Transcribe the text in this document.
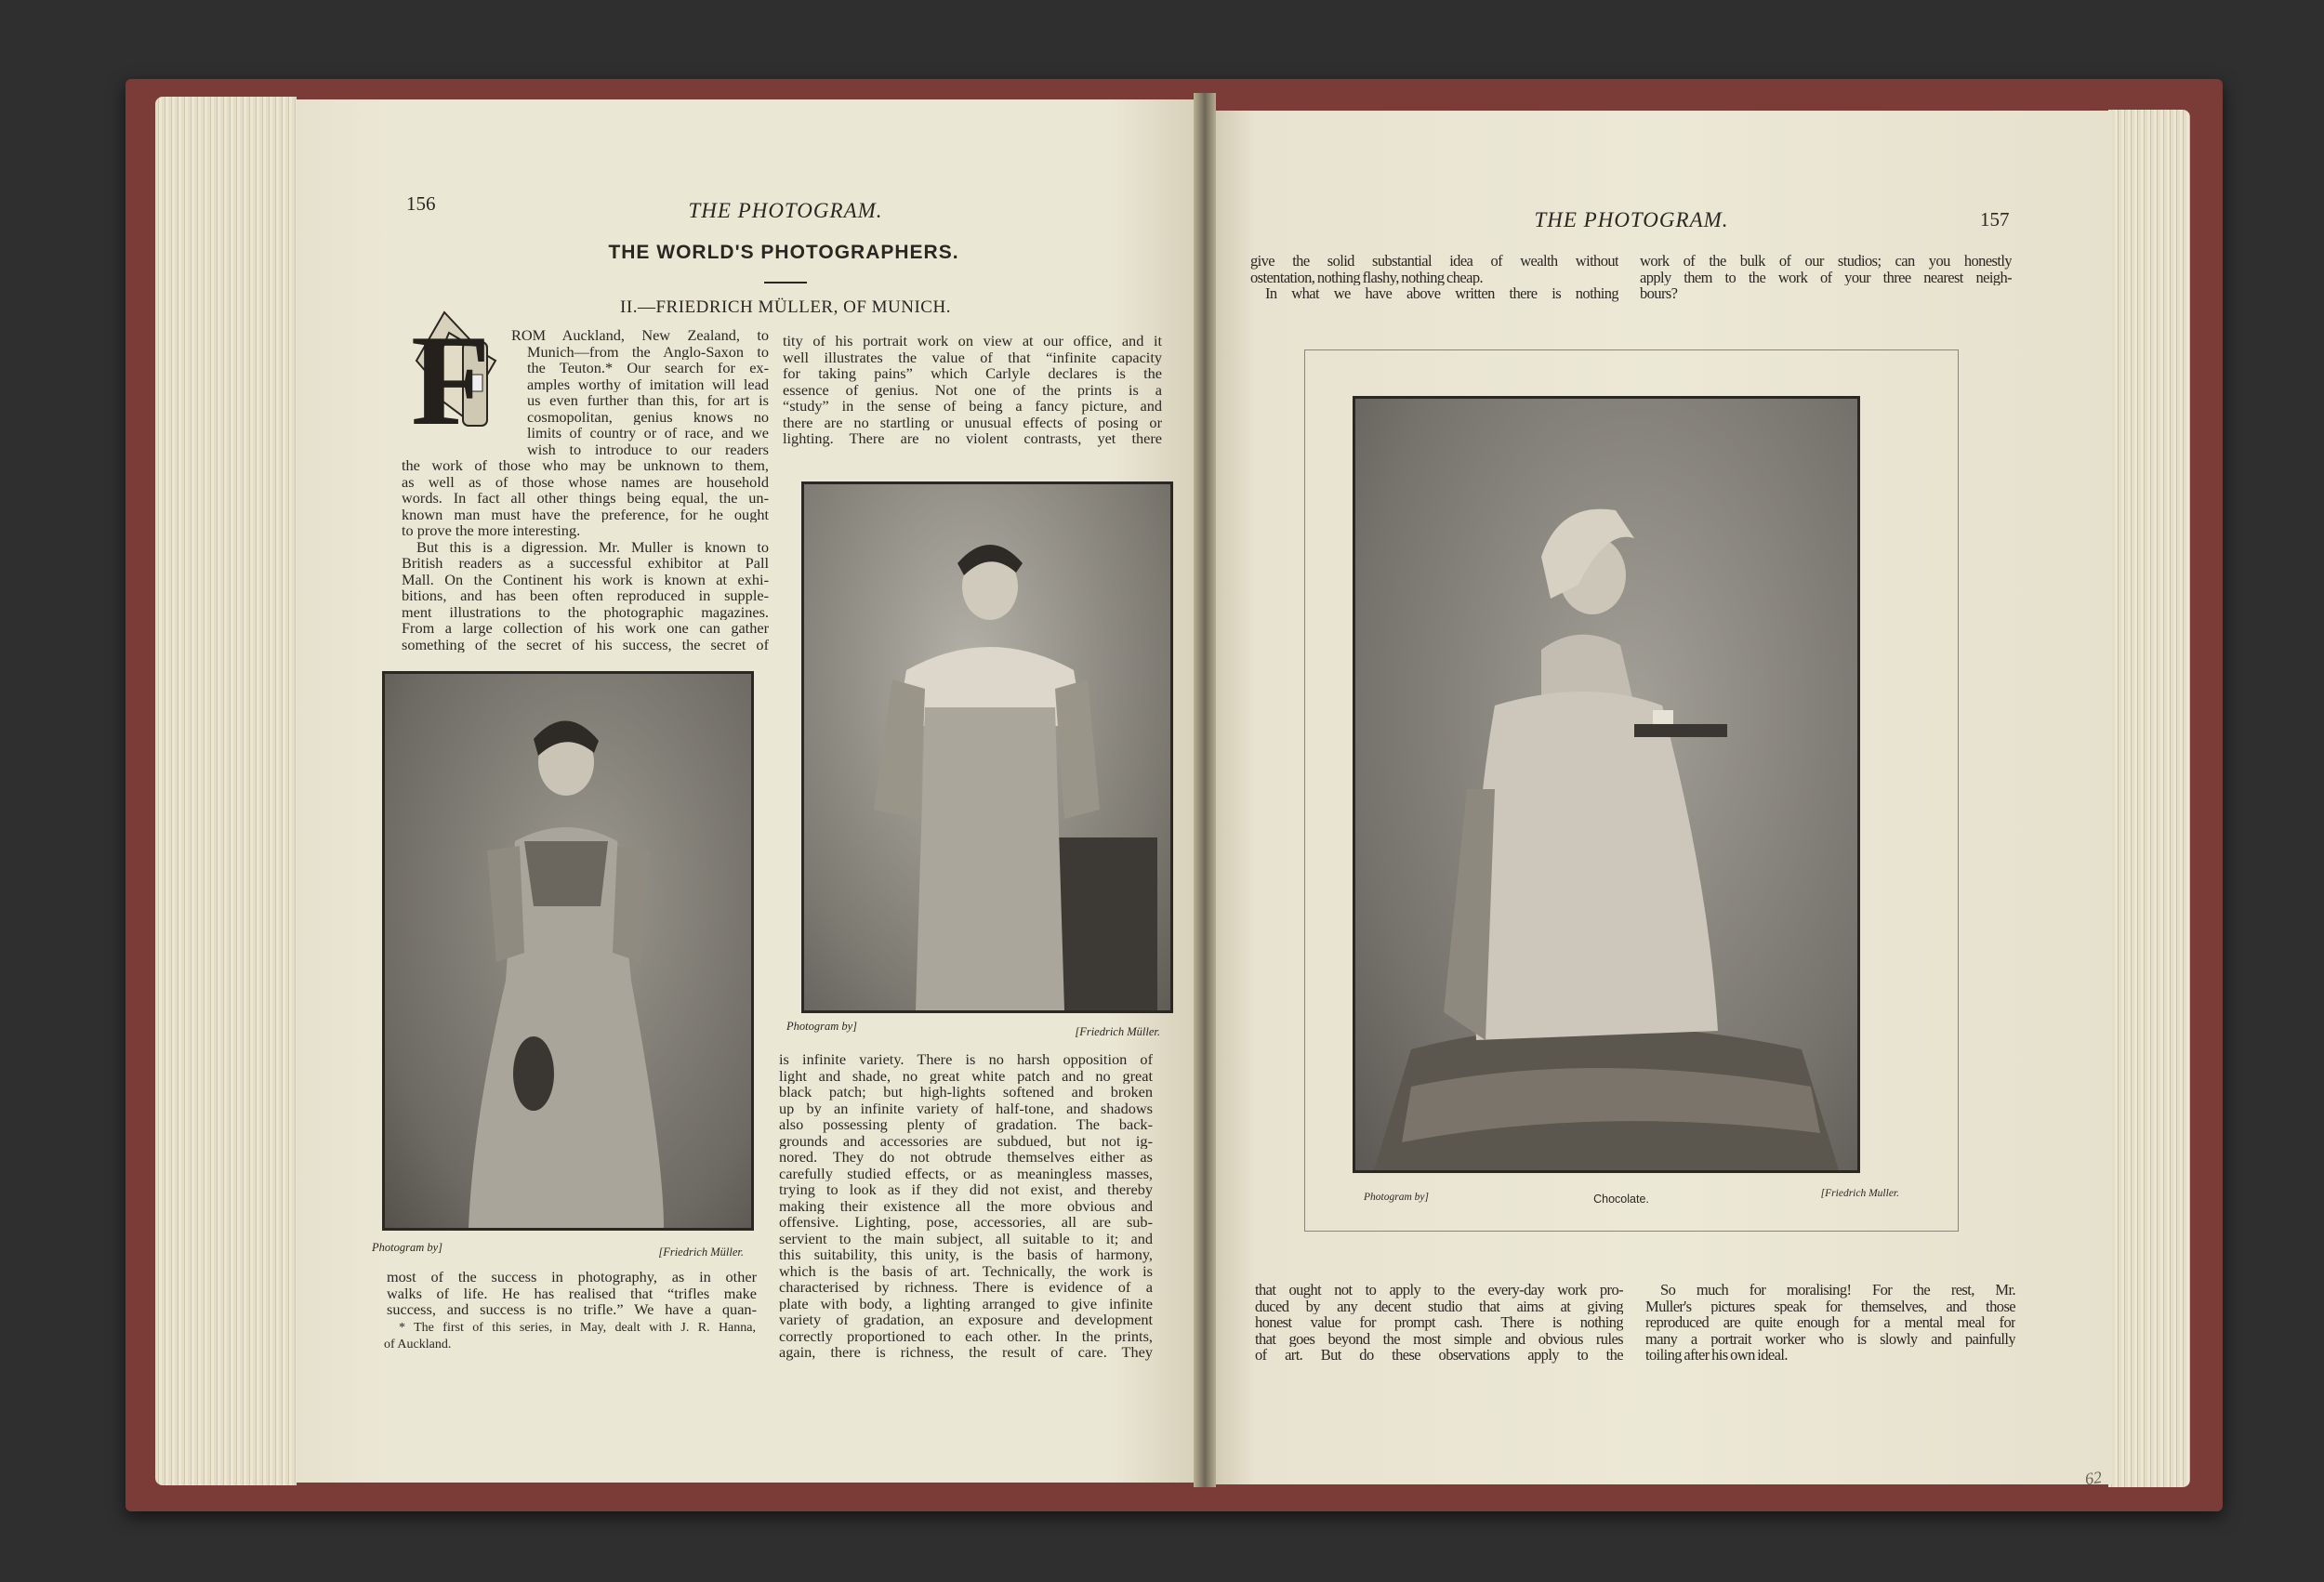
156	THE PHOTOGRAM.
THE WORLD'S PHOTOGRAPHERS.
II.—FRIEDRICH MÜLLER, OF MUNICH.
F ROM Auckland, New Zealand, to
Munich—from the Anglo-Saxon to
the Teuton.* Our search for ex-
amples worthy of imitation will lead
us even further than this, for art is
cosmopolitan, genius knows no
limits of country or of race, and we
wish to introduce to our readers
the work of those who may be unknown to them,
as well as of those whose names are household
words. In fact all other things being equal, the un-
known man must have the preference, for he ought
to prove the more interesting.
But this is a digression. Mr. Muller is known to
British readers as a successful exhibitor at Pall
Mall. On the Continent his work is known at exhi-
bitions, and has been often reproduced in supple-
ment illustrations to the photographic magazines.
From a large collection of his work one can gather
something of the secret of his success, the secret of
tity of his portrait work on view at our office, and it
well illustrates the value of that “infinite capacity
for taking pains” which Carlyle declares is the
essence of genius. Not one of the prints is a
“study” in the sense of being a fancy picture, and
there are no startling or unusual effects of posing or
lighting. There are no violent contrasts, yet there
Photogram by]	[Friedrich Müller.
most of the success in photography, as in other
walks of life. He has realised that “trifles make
success, and success is no trifle.” We have a quan-
* The first of this series, in May, dealt with J. R. Hanna,
of Auckland.
Photogram by]	[Friedrich Müller.
is infinite variety. There is no harsh opposition of
light and shade, no great white patch and no great
black patch; but high-lights softened and broken
up by an infinite variety of half-tone, and shadows
also possessing plenty of gradation. The back-
grounds and accessories are subdued, but not ig-
nored. They do not obtrude themselves either as
carefully studied effects, or as meaningless masses,
trying to look as if they did not exist, and thereby
making their existence all the more obvious and
offensive. Lighting, pose, accessories, all are sub-
servient to the main subject, all suitable to it; and
this suitability, this unity, is the basis of harmony,
which is the basis of art. Technically, the work is
characterised by richness. There is evidence of a
plate with body, a lighting arranged to give infinite
variety of gradation, an exposure and development
correctly proportioned to each other. In the prints,
again, there is richness, the result of care. They
THE PHOTOGRAM.	157
give the solid substantial idea of wealth without
ostentation, nothing flashy, nothing cheap.
In what we have above written there is nothing
work of the bulk of our studios; can you honestly
apply them to the work of your three nearest neigh-
bours?
Photogram by]	Chocolate.	[Friedrich Muller.
that ought not to apply to the every-day work pro-
duced by any decent studio that aims at giving
honest value for prompt cash. There is nothing
that goes beyond the most simple and obvious rules
of art. But do these observations apply to the
So much for moralising! For the rest, Mr.
Muller's pictures speak for themselves, and those
reproduced are quite enough for a mental meal for
many a portrait worker who is slowly and painfully
toiling after his own ideal.
62
